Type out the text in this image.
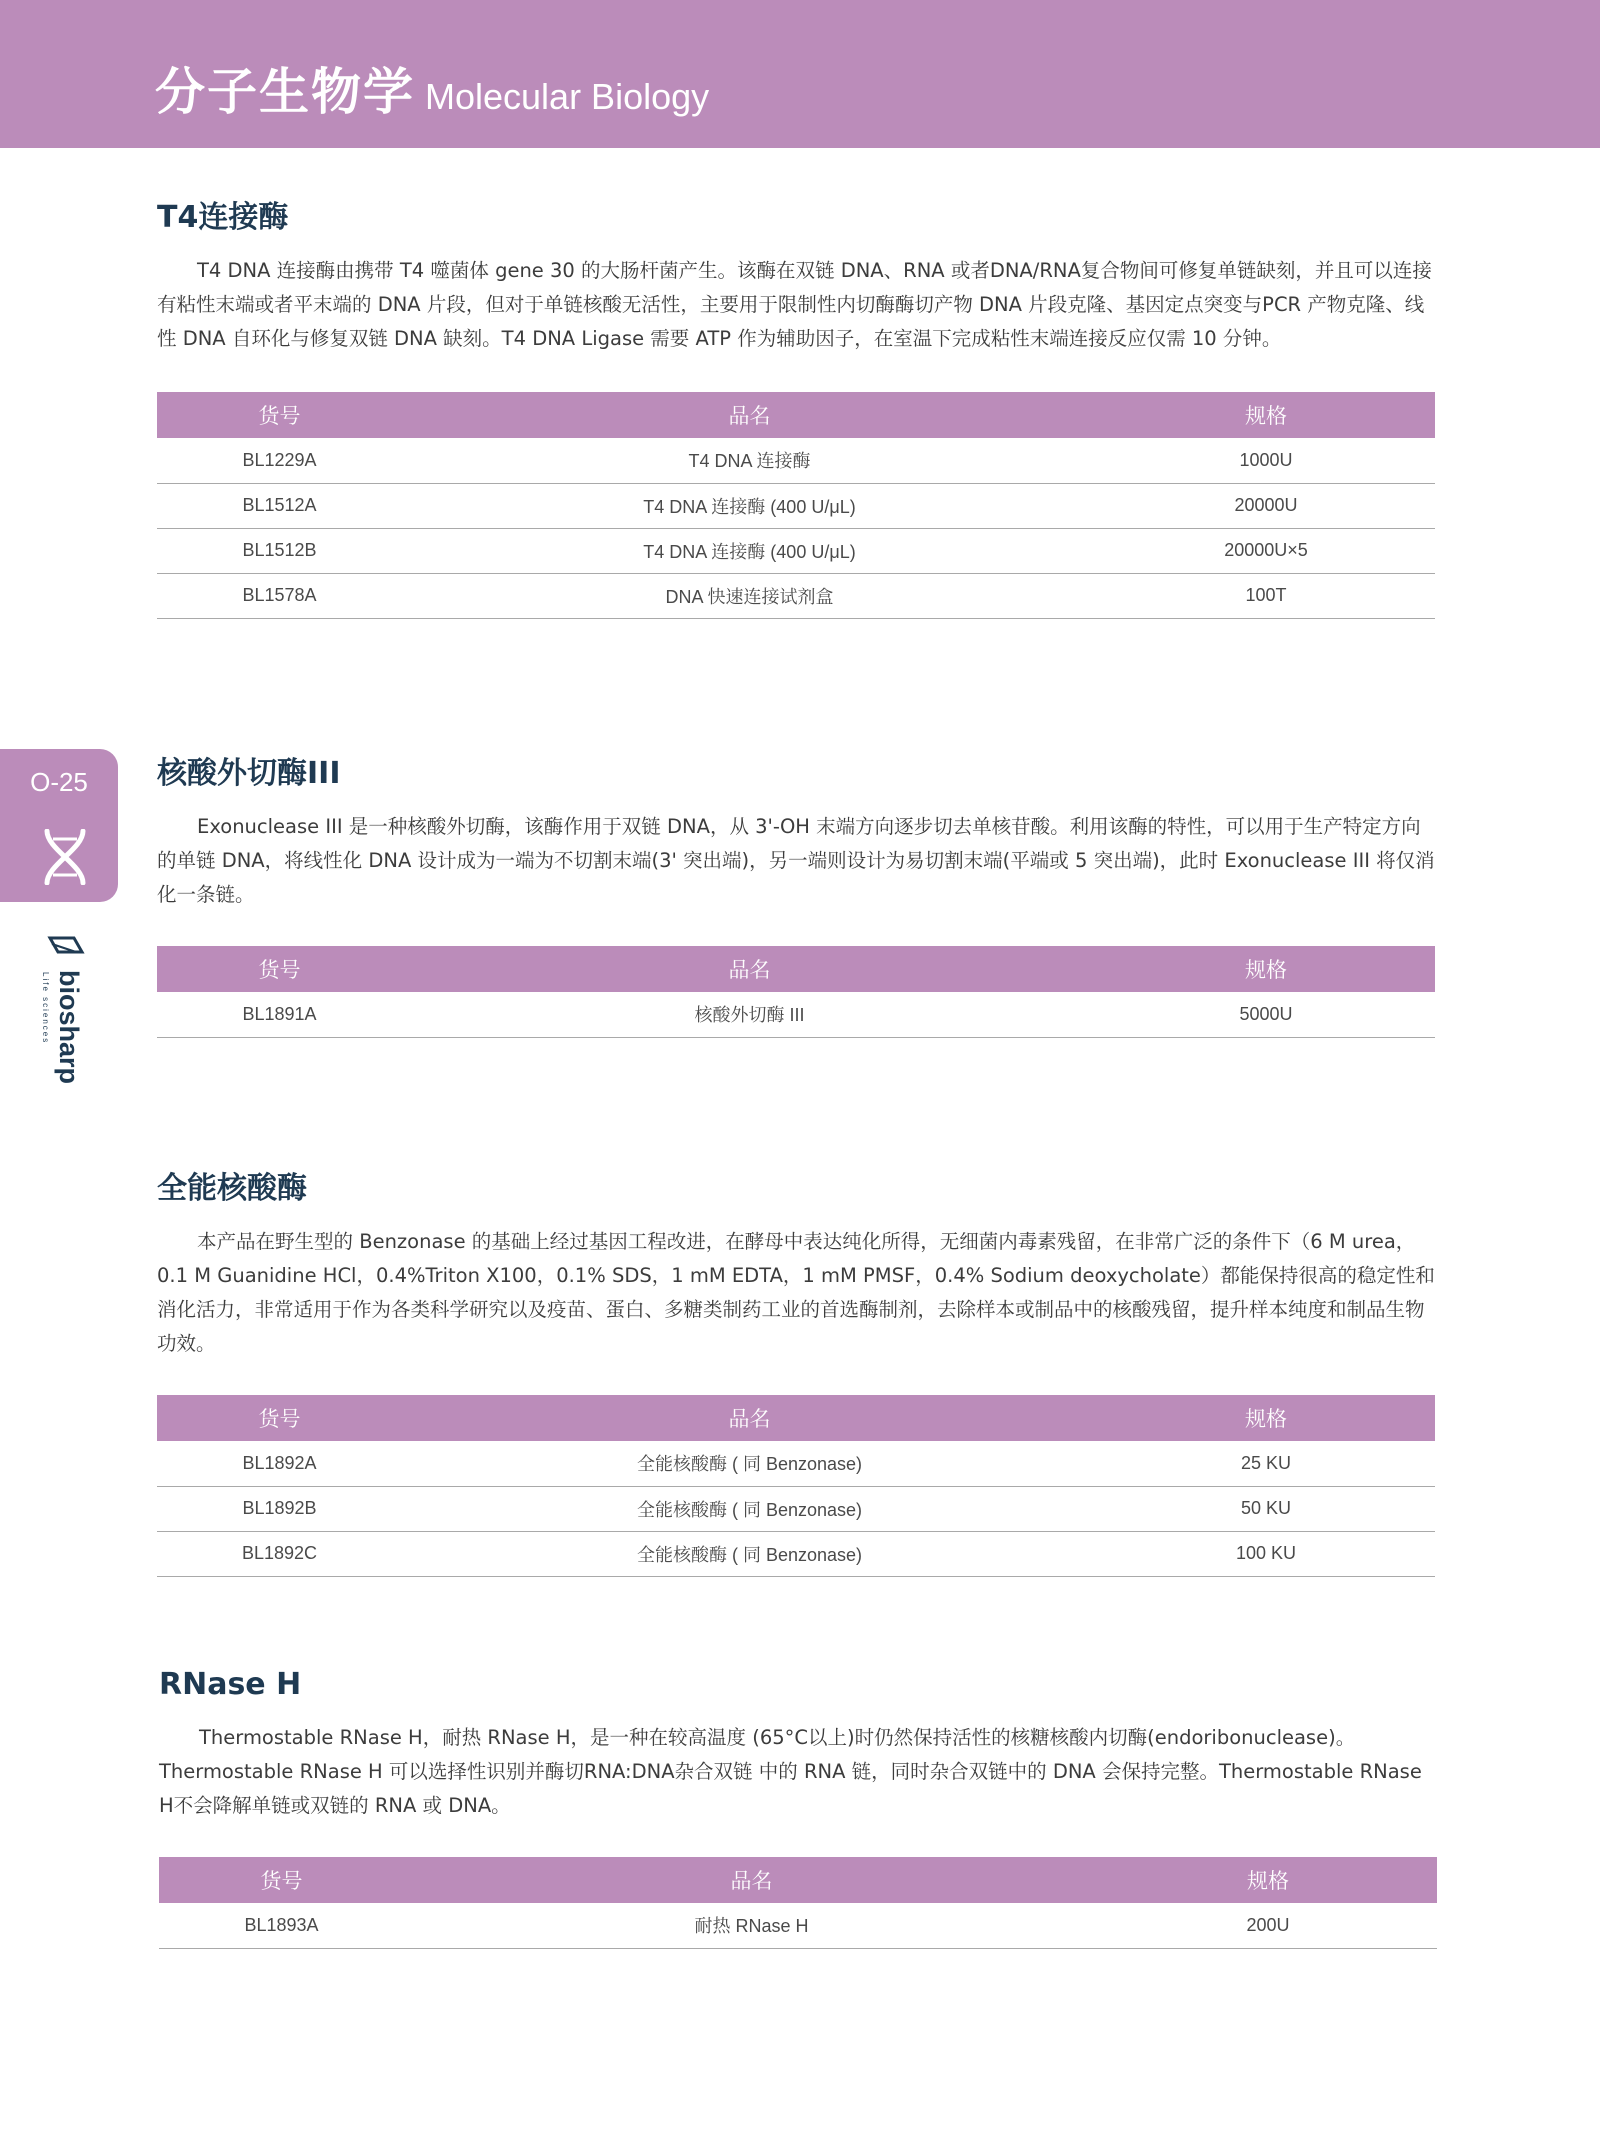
分子生物学 Molecular Biology
O-25
biosharp
Life sciences
T4连接酶

T4 DNA 连接酶由携带 T4 噬菌体 gene 30 的大肠杆菌产生。该酶在双链 DNA、RNA 或者DNA/RNA复合物间可修复单链缺刻，并且可以连接有粘性末端或者平末端的 DNA 片段，但对于单链核酸无活性，主要用于限制性内切酶酶切产物 DNA 片段克隆、基因定点突变与PCR 产物克隆、线性 DNA 自环化与修复双链 DNA 缺刻。T4 DNA Ligase 需要 ATP 作为辅助因子，在室温下完成粘性末端连接反应仅需 10 分钟。

货号	品名	规格
BL1229A	T4 DNA 连接酶	1000U
BL1512A	T4 DNA 连接酶 (400 U/μL)	20000U
BL1512B	T4 DNA 连接酶 (400 U/μL)	20000U×5
BL1578A	DNA 快速连接试剂盒	100T
核酸外切酶III

Exonuclease III 是一种核酸外切酶，该酶作用于双链 DNA，从 3'-OH 末端方向逐步切去单核苷酸。利用该酶的特性，可以用于生产特定方向的单链 DNA，将线性化 DNA 设计成为一端为不切割末端(3' 突出端)，另一端则设计为易切割末端(平端或 5 突出端)，此时 Exonuclease III 将仅消化一条链。

货号	品名	规格
BL1891A	核酸外切酶 III	5000U
全能核酸酶

本产品在野生型的 Benzonase 的基础上经过基因工程改进，在酵母中表达纯化所得，无细菌内毒素残留，在非常广泛的条件下（6 M urea，0.1 M Guanidine HCl，0.4%Triton X100，0.1% SDS，1 mM EDTA，1 mM PMSF，0.4% Sodium deoxycholate）都能保持很高的稳定性和消化活力，非常适用于作为各类科学研究以及疫苗、蛋白、多糖类制药工业的首选酶制剂，去除样本或制品中的核酸残留，提升样本纯度和制品生物功效。

货号	品名	规格
BL1892A	全能核酸酶 ( 同 Benzonase)	25 KU
BL1892B	全能核酸酶 ( 同 Benzonase)	50 KU
BL1892C	全能核酸酶 ( 同 Benzonase)	100 KU
RNase H

Thermostable RNase H，耐热 RNase H，是一种在较高温度 (65°C以上)时仍然保持活性的核糖核酸内切酶(endoribonuclease)。Thermostable RNase H 可以选择性识别并酶切RNA:DNA杂合双链 中的 RNA 链，同时杂合双链中的 DNA 会保持完整。Thermostable RNase H不会降解单链或双链的 RNA 或 DNA。

货号	品名	规格
BL1893A	耐热 RNase H	200U
